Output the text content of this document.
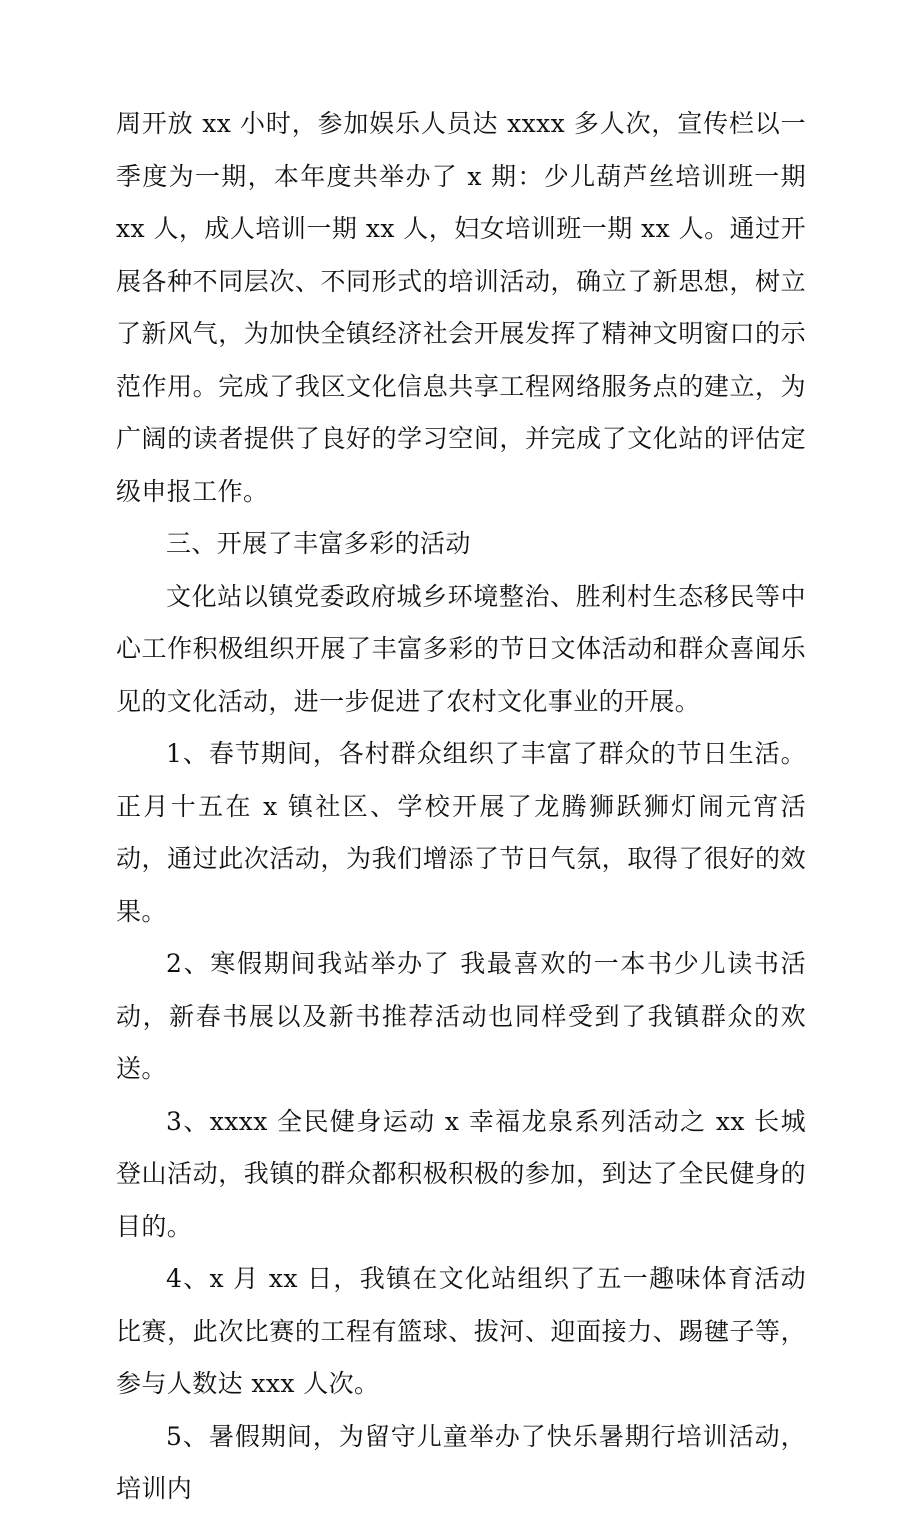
周开放 xx 小时，参加娱乐人员达 xxxx 多人次，宣传栏以一季度为一期，本年度共举办了 x 期：少儿葫芦丝培训班一期 xx 人，成人培训一期 xx 人，妇女培训班一期 xx 人。通过开展各种不同层次、不同形式的培训活动，确立了新思想，树立了新风气，为加快全镇经济社会开展发挥了精神文明窗口的示范作用。完成了我区文化信息共享工程网络服务点的建立，为广阔的读者提供了良好的学习空间，并完成了文化站的评估定级申报工作。

三、开展了丰富多彩的活动

文化站以镇党委政府城乡环境整治、胜利村生态移民等中心工作积极组织开展了丰富多彩的节日文体活动和群众喜闻乐见的文化活动，进一步促进了农村文化事业的开展。

1、春节期间，各村群众组织了丰富了群众的节日生活。正月十五在 x 镇社区、学校开展了龙腾狮跃狮灯闹元宵活动，通过此次活动，为我们增添了节日气氛，取得了很好的效果。

2、寒假期间我站举办了 我最喜欢的一本书少儿读书活动，新春书展以及新书推荐活动也同样受到了我镇群众的欢送。

3、xxxx 全民健身运动 x 幸福龙泉系列活动之 xx 长城登山活动，我镇的群众都积极积极的参加，到达了全民健身的目的。

4、x 月 xx 日，我镇在文化站组织了五一趣味体育活动比赛，此次比赛的工程有篮球、拔河、迎面接力、踢毽子等，参与人数达 xxx 人次。

5、暑假期间，为留守儿童举办了快乐暑期行培训活动，培训内
